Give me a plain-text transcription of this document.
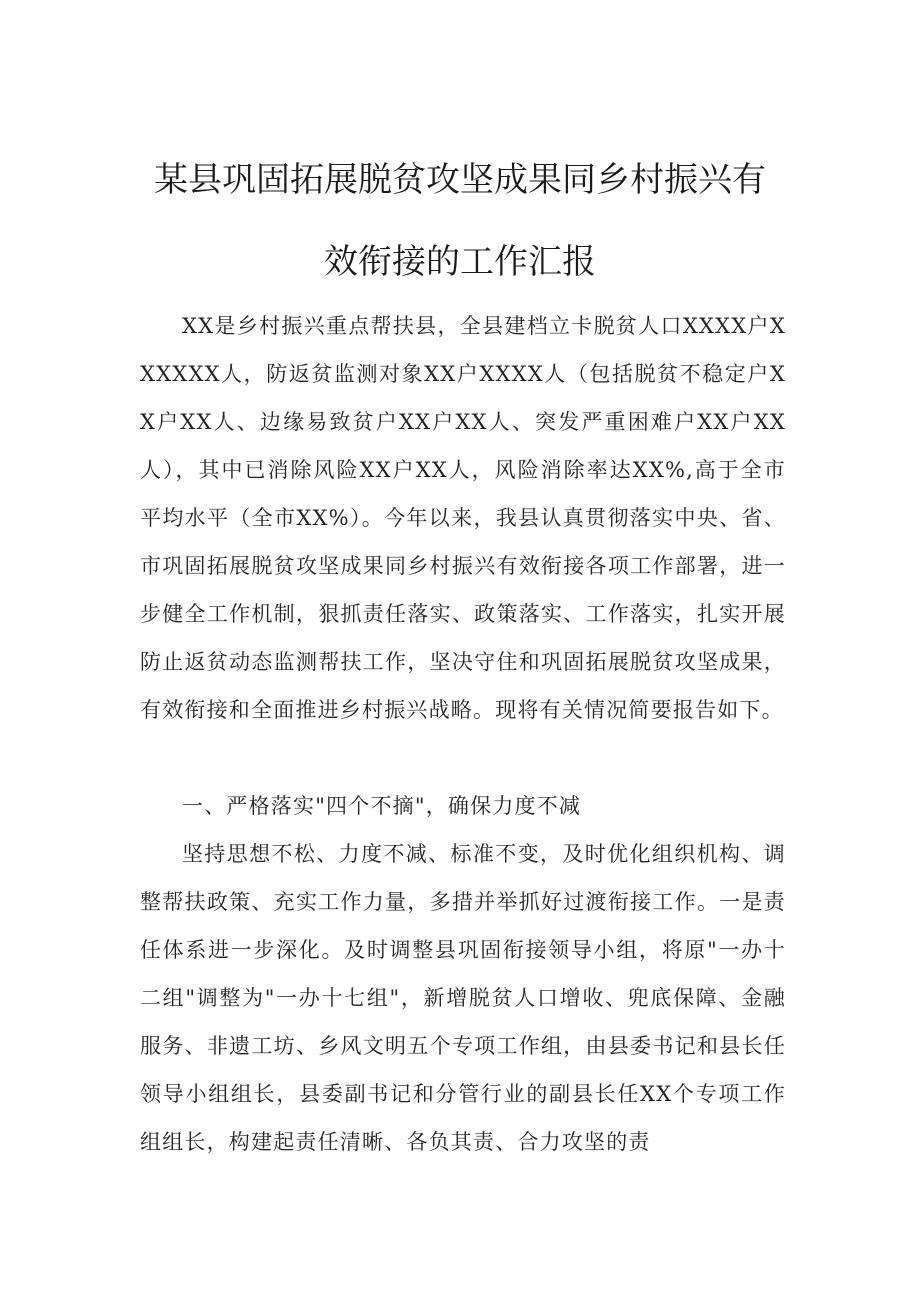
某县巩固拓展脱贫攻坚成果同乡村振兴有
效衔接的工作汇报
XX是乡村振兴重点帮扶县，全县建档立卡脱贫人口XXXX户XXXXXX人，防返贫监测对象XX户XXXX人（包括脱贫不稳定户XX户XX人、边缘易致贫户XX户XX人、突发严重困难户XX户XX人），其中已消除风险XX户XX人，风险消除率达XX%,高于全市平均水平（全市XX%）。今年以来，我县认真贯彻落实中央、省、市巩固拓展脱贫攻坚成果同乡村振兴有效衔接各项工作部署，进一步健全工作机制，狠抓责任落实、政策落实、工作落实，扎实开展防止返贫动态监测帮扶工作，坚决守住和巩固拓展脱贫攻坚成果，有效衔接和全面推进乡村振兴战略。现将有关情况简要报告如下。
一、严格落实"四个不摘"，确保力度不减
坚持思想不松、力度不减、标准不变，及时优化组织机构、调整帮扶政策、充实工作力量，多措并举抓好过渡衔接工作。一是责任体系进一步深化。及时调整县巩固衔接领导小组，将原"一办十二组"调整为"一办十七组"，新增脱贫人口增收、兜底保障、金融服务、非遗工坊、乡风文明五个专项工作组，由县委书记和县长任领导小组组长，县委副书记和分管行业的副县长任XX个专项工作组组长，构建起责任清晰、各负其责、合力攻坚的责
